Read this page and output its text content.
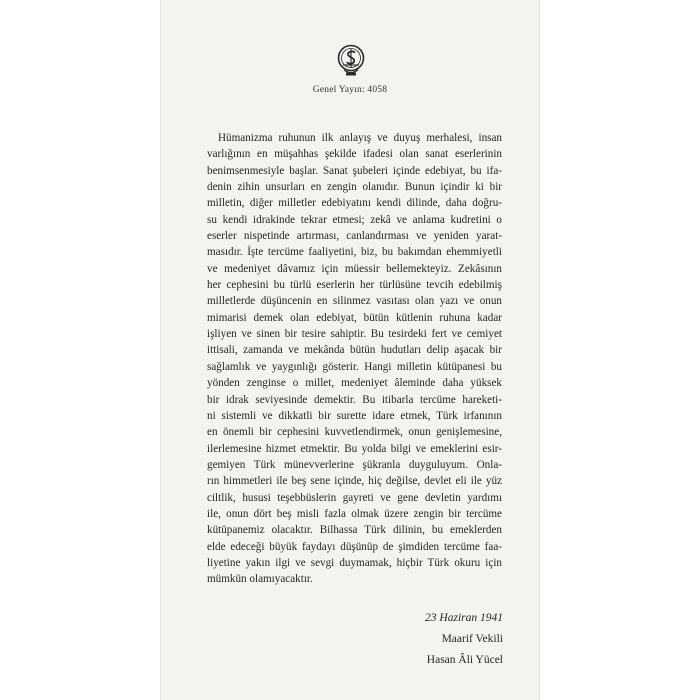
Genel Yayın: 4058
Hümanizma ruhunun ilk anlayış ve duyuş merhalesi, insan
varlığının en müşahhas şekilde ifadesi olan sanat eserlerinin
benimsenmesiyle başlar. Sanat şubeleri içinde edebiyat, bu ifa-
denin zihin unsurları en zengin olanıdır. Bunun içindir ki bir
milletin, diğer milletler edebiyatını kendi dilinde, daha doğru-
su kendi idrakinde tekrar etmesi; zekâ ve anlama kudretini o
eserler nispetinde artırması, canlandırması ve yeniden yarat-
masıdır. İşte tercüme faaliyetini, biz, bu bakımdan ehemmiyetli
ve medeniyet dâvamız için müessir bellemekteyiz. Zekâsının
her cephesini bu türlü eserlerin her türlüsüne tevcih edebilmiş
milletlerde düşüncenin en silinmez vasıtası olan yazı ve onun
mimarisi demek olan edebiyat, bütün kütlenin ruhuna kadar
işliyen ve sinen bir tesire sahiptir. Bu tesirdeki fert ve cemiyet
ittisali, zamanda ve mekânda bütün hudutları delip aşacak bir
sağlamlık ve yaygınlığı gösterir. Hangi milletin kütüpanesi bu
yönden zenginse o millet, medeniyet âleminde daha yüksek
bir idrak seviyesinde demektir. Bu itibarla tercüme hareketi-
ni sistemli ve dikkatli bir surette idare etmek, Türk irfanının
en önemli bir cephesini kuvvetlendirmek, onun genişlemesine,
ilerlemesine hizmet etmektir. Bu yolda bilgi ve emeklerini esir-
gemiyen Türk münevverlerine şükranla duyguluyum. Onla-
rın himmetleri ile beş sene içinde, hiç değilse, devlet eli ile yüz
ciltlik, hususi teşebbüslerin gayreti ve gene devletin yardımı
ile, onun dört beş misli fazla olmak üzere zengin bir tercüme
kütüpanemiz olacaktır. Bilhassa Türk dilinin, bu emeklerden
elde edeceği büyük faydayı düşünüp de şimdiden tercüme faa-
liyetine yakın ilgi ve sevgi duymamak, hiçbir Türk okuru için
mümkün olamıyacaktır.
23 Haziran 1941
Maarif Vekili
Hasan Âli Yücel
